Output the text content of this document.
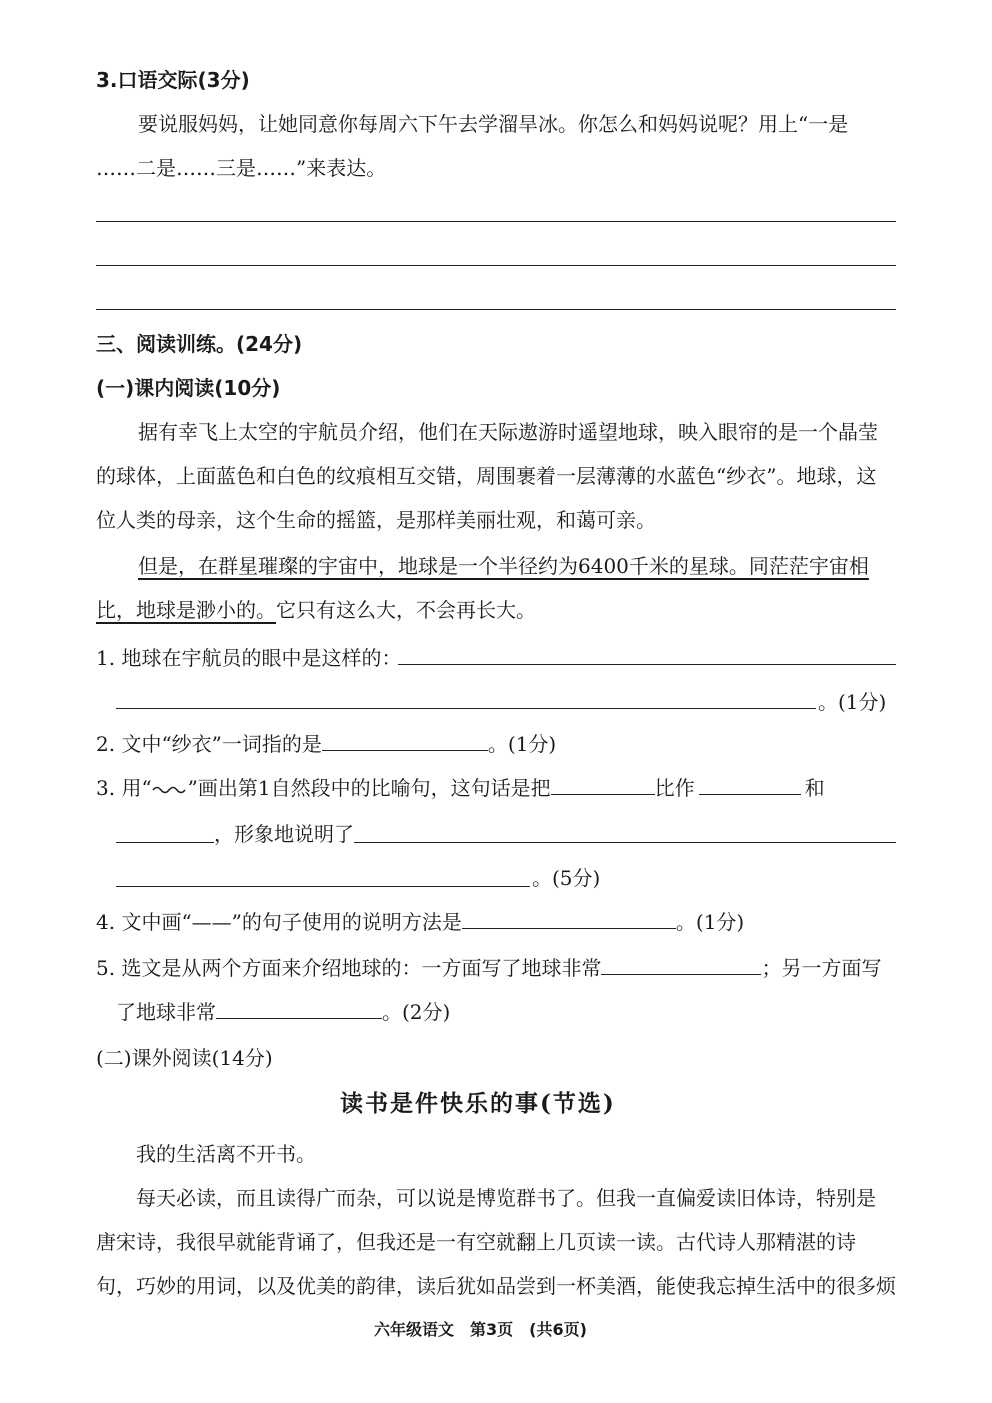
3.口语交际(3分)
要说服妈妈，让她同意你每周六下午去学溜旱冰。你怎么和妈妈说呢？用上“一是
……二是……三是……”来表达。
三、阅读训练。(24分)
(一)课内阅读(10分)
据有幸飞上太空的宇航员介绍，他们在天际遨游时遥望地球，映入眼帘的是一个晶莹
的球体，上面蓝色和白色的纹痕相互交错，周围裹着一层薄薄的水蓝色“纱衣”。地球，这
位人类的母亲，这个生命的摇篮，是那样美丽壮观，和蔼可亲。
但是，在群星璀璨的宇宙中，地球是一个半径约为6400千米的星球。同茫茫宇宙相
比，地球是渺小的。它只有这么大，不会再长大。
1. 地球在宇航员的眼中是这样的：
。(1分)
2. 文中“纱衣”一词指的是	。(1分)
3. 用“ ”画出第1自然段中的比喻句，这句话是把	比作	和
，形象地说明了
。(5分)
4. 文中画“——”的句子使用的说明方法是	。(1分)
5. 选文是从两个方面来介绍地球的：一方面写了地球非常	；另一方面写
了地球非常	。(2分)
(二)课外阅读(14分)
读书是件快乐的事(节选)
我的生活离不开书。
每天必读，而且读得广而杂，可以说是博览群书了。但我一直偏爱读旧体诗，特别是
唐宋诗，我很早就能背诵了，但我还是一有空就翻上几页读一读。古代诗人那精湛的诗
句，巧妙的用词，以及优美的韵律，读后犹如品尝到一杯美酒，能使我忘掉生活中的很多烦
六年级语文　第3页　(共6页)
